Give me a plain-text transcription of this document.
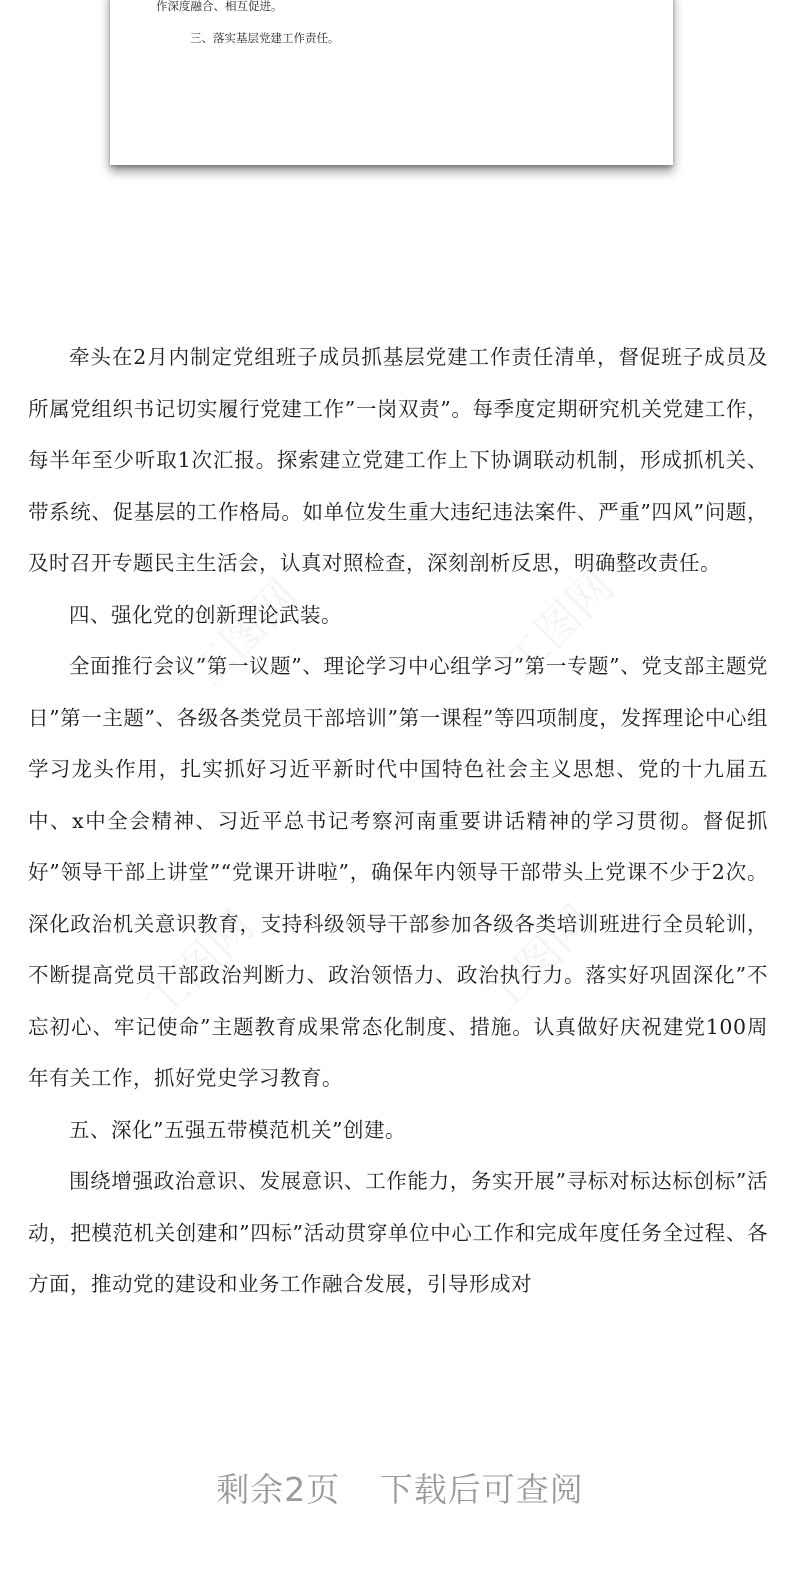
作深度融合、相互促进。
三、落实基层党建工作责任。

牵头在2月内制定党组班子成员抓基层党建工作责任清单，督促班子成员及所属党组织书记切实履行党建工作”一岗双责”。每季度定期研究机关党建工作，每半年至少听取1次汇报。探索建立党建工作上下协调联动机制，形成抓机关、带系统、促基层的工作格局。如单位发生重大违纪违法案件、严重”四风”问题，及时召开专题民主生活会，认真对照检查，深刻剖析反思，明确整改责任。

四、强化党的创新理论武装。

全面推行会议”第一议题”、理论学习中心组学习”第一专题”、党支部主题党日”第一主题”、各级各类党员干部培训”第一课程”等四项制度，发挥理论中心组学习龙头作用，扎实抓好习近平新时代中国特色社会主义思想、党的十九届五中、x中全会精神、习近平总书记考察河南重要讲话精神的学习贯彻。督促抓好”领导干部上讲堂”“党课开讲啦”，确保年内领导干部带头上党课不少于2次。深化政治机关意识教育，支持科级领导干部参加各级各类培训班进行全员轮训，不断提高党员干部政治判断力、政治领悟力、政治执行力。落实好巩固深化”不忘初心、牢记使命”主题教育成果常态化制度、措施。认真做好庆祝建党100周年有关工作，抓好党史学习教育。

五、深化”五强五带模范机关”创建。

围绕增强政治意识、发展意识、工作能力，务实开展”寻标对标达标创标”活动，把模范机关创建和”四标”活动贯穿单位中心工作和完成年度任务全过程、各方面，推动党的建设和业务工作融合发展，引导形成对

剩余2页 下载后可查阅
